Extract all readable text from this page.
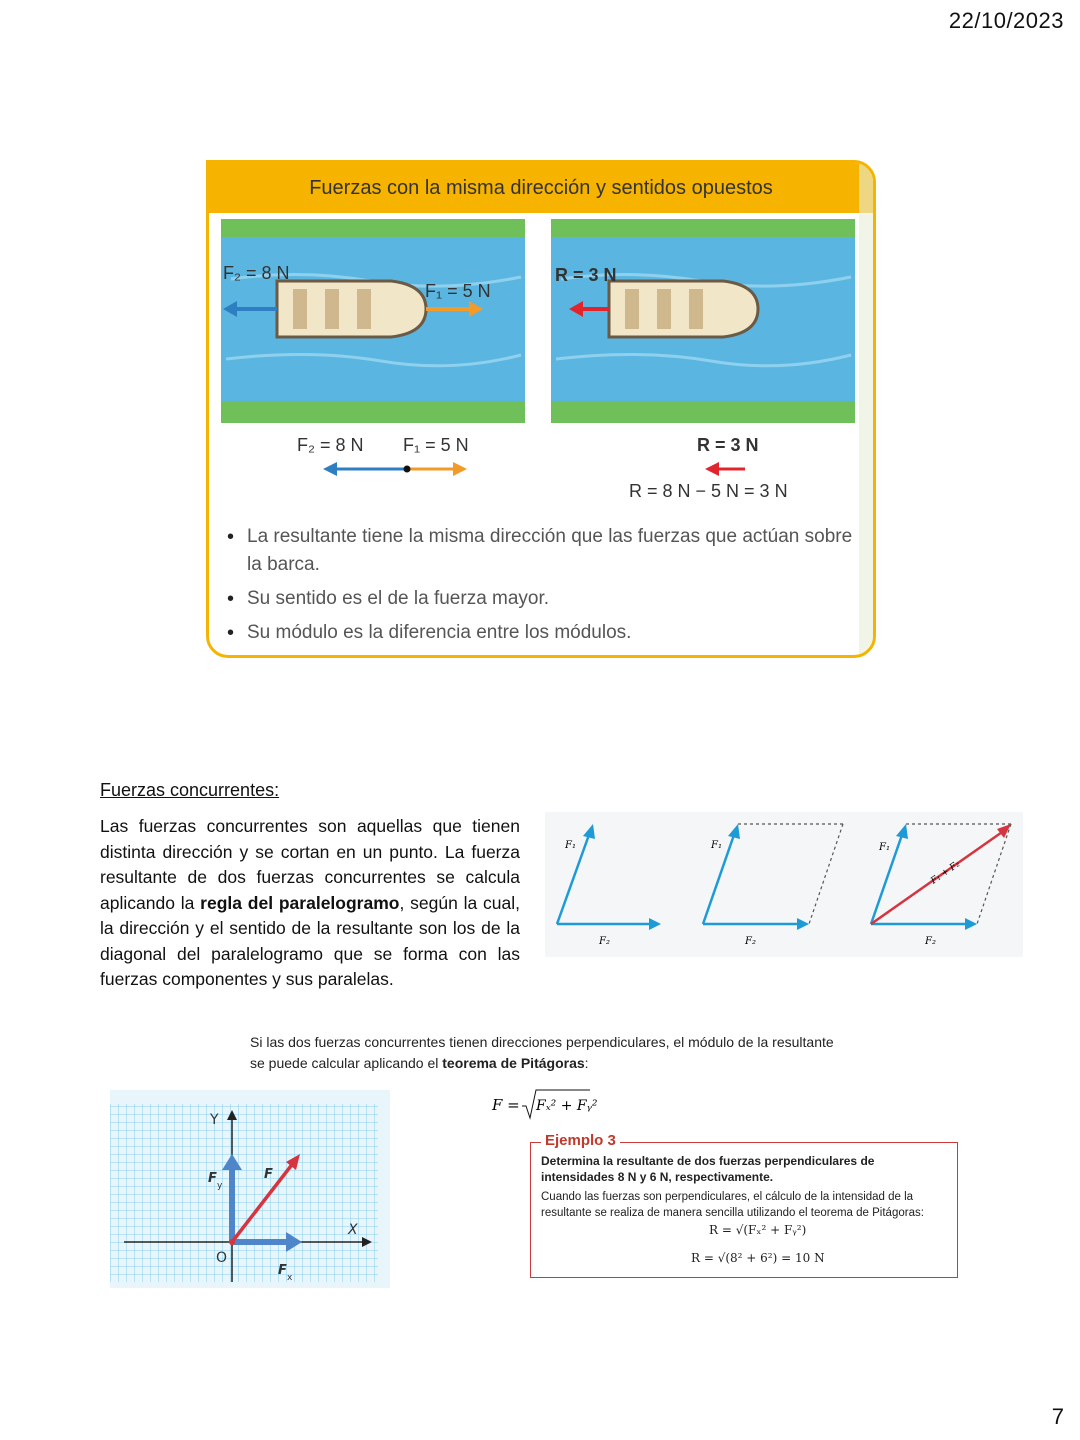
22/10/2023
Fuerzas con la misma dirección y sentidos opuestos
F₂ = 8 N
F₁ = 5 N
R = 3 N
F₂ = 8 N F₁ = 5 N	R = 3 N
R = 8 N − 5 N = 3 N
• La resultante tiene la misma dirección que las fuerzas que actúan sobre la barca.
• Su sentido es el de la fuerza mayor.
• Su módulo es la diferencia entre los módulos.
Fuerzas concurrentes:
Las fuerzas concurrentes son aquellas que tienen distinta dirección y se cortan en un punto. La fuerza resultante de dos fuerzas concurrentes se calcula aplicando la regla del paralelogramo, según la cual, la dirección y el sentido de la resultante son los de la diagonal del paralelogramo que se forma con las fuerzas componentes y sus paralelas.
F₁
F₂
F₁
F₂
F₁
F₂
F₁ + F₂
Si las dos fuerzas concurrentes tienen direcciones perpendiculares, el módulo de la resultante se puede calcular aplicando el teorema de Pitágoras:
F = Fₓ² + Fᵧ²
Y
X
O
F
F x
F y
Ejemplo 3
Determina la resultante de dos fuerzas perpendiculares de intensidades 8 N y 6 N, respectivamente.
Cuando las fuerzas son perpendiculares, el cálculo de la intensidad de la resultante se realiza de manera sencilla utilizando el teorema de Pitágoras:
R = √(Fₓ² + Fᵧ²)
R = √(8² + 6²) = 10 N
7
